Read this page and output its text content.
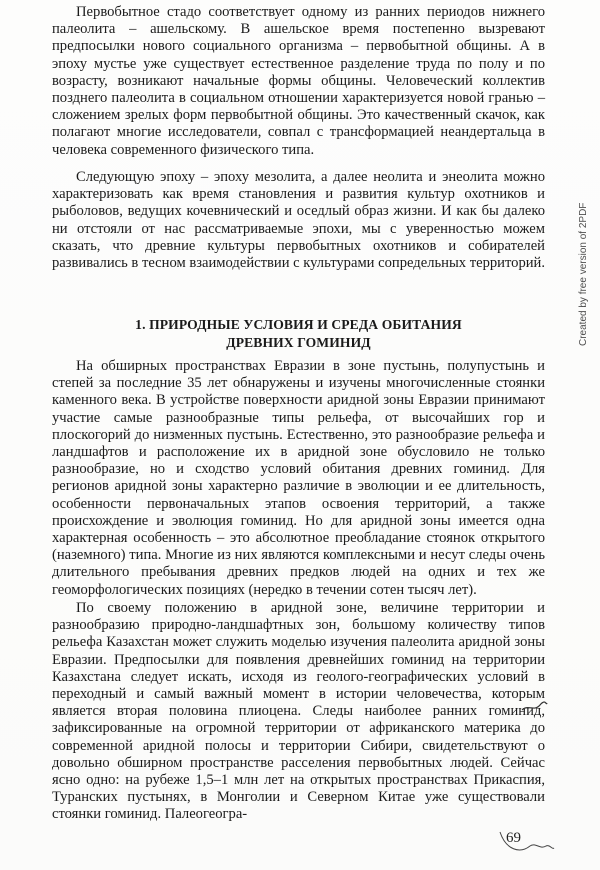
Первобытное стадо соответствует одному из ранних периодов нижнего палеолита – ашельскому. В ашельское время постепенно вызревают предпосылки нового социального организма – первобытной общины. А в эпоху мустье уже существует естественное разделение труда по полу и по возрасту, возникают начальные формы общины. Человеческий коллектив позднего палеолита в социальном отношении характеризуется новой гранью – сложением зрелых форм первобытной общины. Это качественный скачок, как полагают многие исследователи, совпал с трансформацией неандертальца в человека современного физического типа.

Следующую эпоху – эпоху мезолита, а далее неолита и энеолита можно характеризовать как время становления и развития культур охотников и рыболовов, ведущих кочевнический и оседлый образ жизни. И как бы далеко ни отстояли от нас рассматриваемые эпохи, мы с уверенностью можем сказать, что древние культуры первобытных охотников и собирателей развивались в тесном взаимодействии с культурами сопредельных территорий.

1. ПРИРОДНЫЕ УСЛОВИЯ И СРЕДА ОБИТАНИЯ
ДРЕВНИХ ГОМИНИД

На обширных пространствах Евразии в зоне пустынь, полупустынь и степей за последние 35 лет обнаружены и изучены многочисленные стоянки каменного века. В устройстве поверхности аридной зоны Евразии принимают участие самые разнообразные типы рельефа, от высочайших гор и плоскогорий до низменных пустынь. Естественно, это разнообразие рельефа и ландшафтов и расположение их в аридной зоне обусловило не только разнообразие, но и сходство условий обитания древних гоминид. Для регионов аридной зоны характерно различие в эволюции и ее длительность, особенности первоначальных этапов освоения территорий, а также происхождение и эволюция гоминид. Но для аридной зоны имеется одна характерная особенность – это абсолютное преобладание стоянок открытого (наземного) типа. Многие из них являются комплексными и несут следы очень длительного пребывания древних предков людей на одних и тех же геоморфологических позициях (нередко в течении сотен тысяч лет).

По своему положению в аридной зоне, величине территории и разнообразию природно-ландшафтных зон, большому количеству типов рельефа Казахстан может служить моделью изучения палеолита аридной зоны Евразии. Предпосылки для появления древнейших гоминид на территории Казахстана следует искать, исходя из геолого-географических условий в переходный и самый важный момент в истории человечества, которым является вторая половина плиоцена. Следы наиболее ранних гоминид, зафиксированные на огромной территории от африканского материка до современной аридной полосы и территории Сибири, свидетельствуют о довольно обширном пространстве расселения первобытных людей. Сейчас ясно одно: на рубеже 1,5–1 млн лет на открытых пространствах Прикаспия, Туранских пустынях, в Монголии и Северном Китае уже существовали стоянки гоминид. Палеогеогра-

Created by free version of 2PDF
69
